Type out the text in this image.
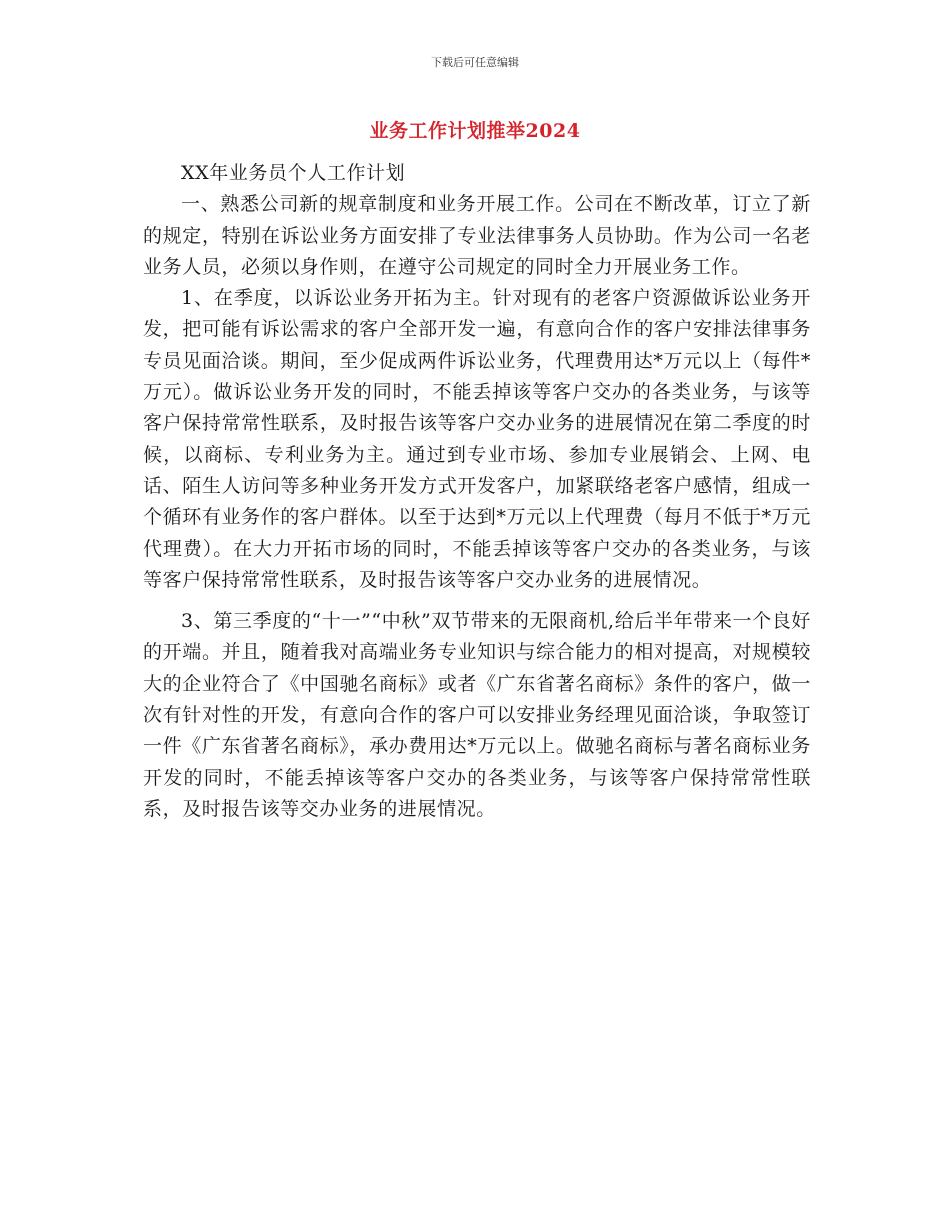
下载后可任意编辑
业务工作计划推举2024

XX年业务员个人工作计划

一、熟悉公司新的规章制度和业务开展工作。公司在不断改革，订立了新的规定，特别在诉讼业务方面安排了专业法律事务人员协助。作为公司一名老业务人员，必须以身作则，在遵守公司规定的同时全力开展业务工作。

1、在季度，以诉讼业务开拓为主。针对现有的老客户资源做诉讼业务开发，把可能有诉讼需求的客户全部开发一遍，有意向合作的客户安排法律事务专员见面洽谈。期间，至少促成两件诉讼业务，代理费用达*万元以上（每件*万元）。做诉讼业务开发的同时，不能丢掉该等客户交办的各类业务，与该等客户保持常常性联系，及时报告该等客户交办业务的进展情况在第二季度的时候，以商标、专利业务为主。通过到专业市场、参加专业展销会、上网、电话、陌生人访问等多种业务开发方式开发客户，加紧联络老客户感情，组成一个循环有业务作的客户群体。以至于达到*万元以上代理费（每月不低于*万元代理费）。在大力开拓市场的同时，不能丢掉该等客户交办的各类业务，与该等客户保持常常性联系，及时报告该等客户交办业务的进展情况。

3、第三季度的“十一”“中秋”双节带来的无限商机,给后半年带来一个良好的开端。并且，随着我对高端业务专业知识与综合能力的相对提高，对规模较大的企业符合了《中国驰名商标》或者《广东省著名商标》条件的客户，做一次有针对性的开发，有意向合作的客户可以安排业务经理见面洽谈，争取签订一件《广东省著名商标》，承办费用达*万元以上。做驰名商标与著名商标业务开发的同时，不能丢掉该等客户交办的各类业务，与该等客户保持常常性联系，及时报告该等交办业务的进展情况。
